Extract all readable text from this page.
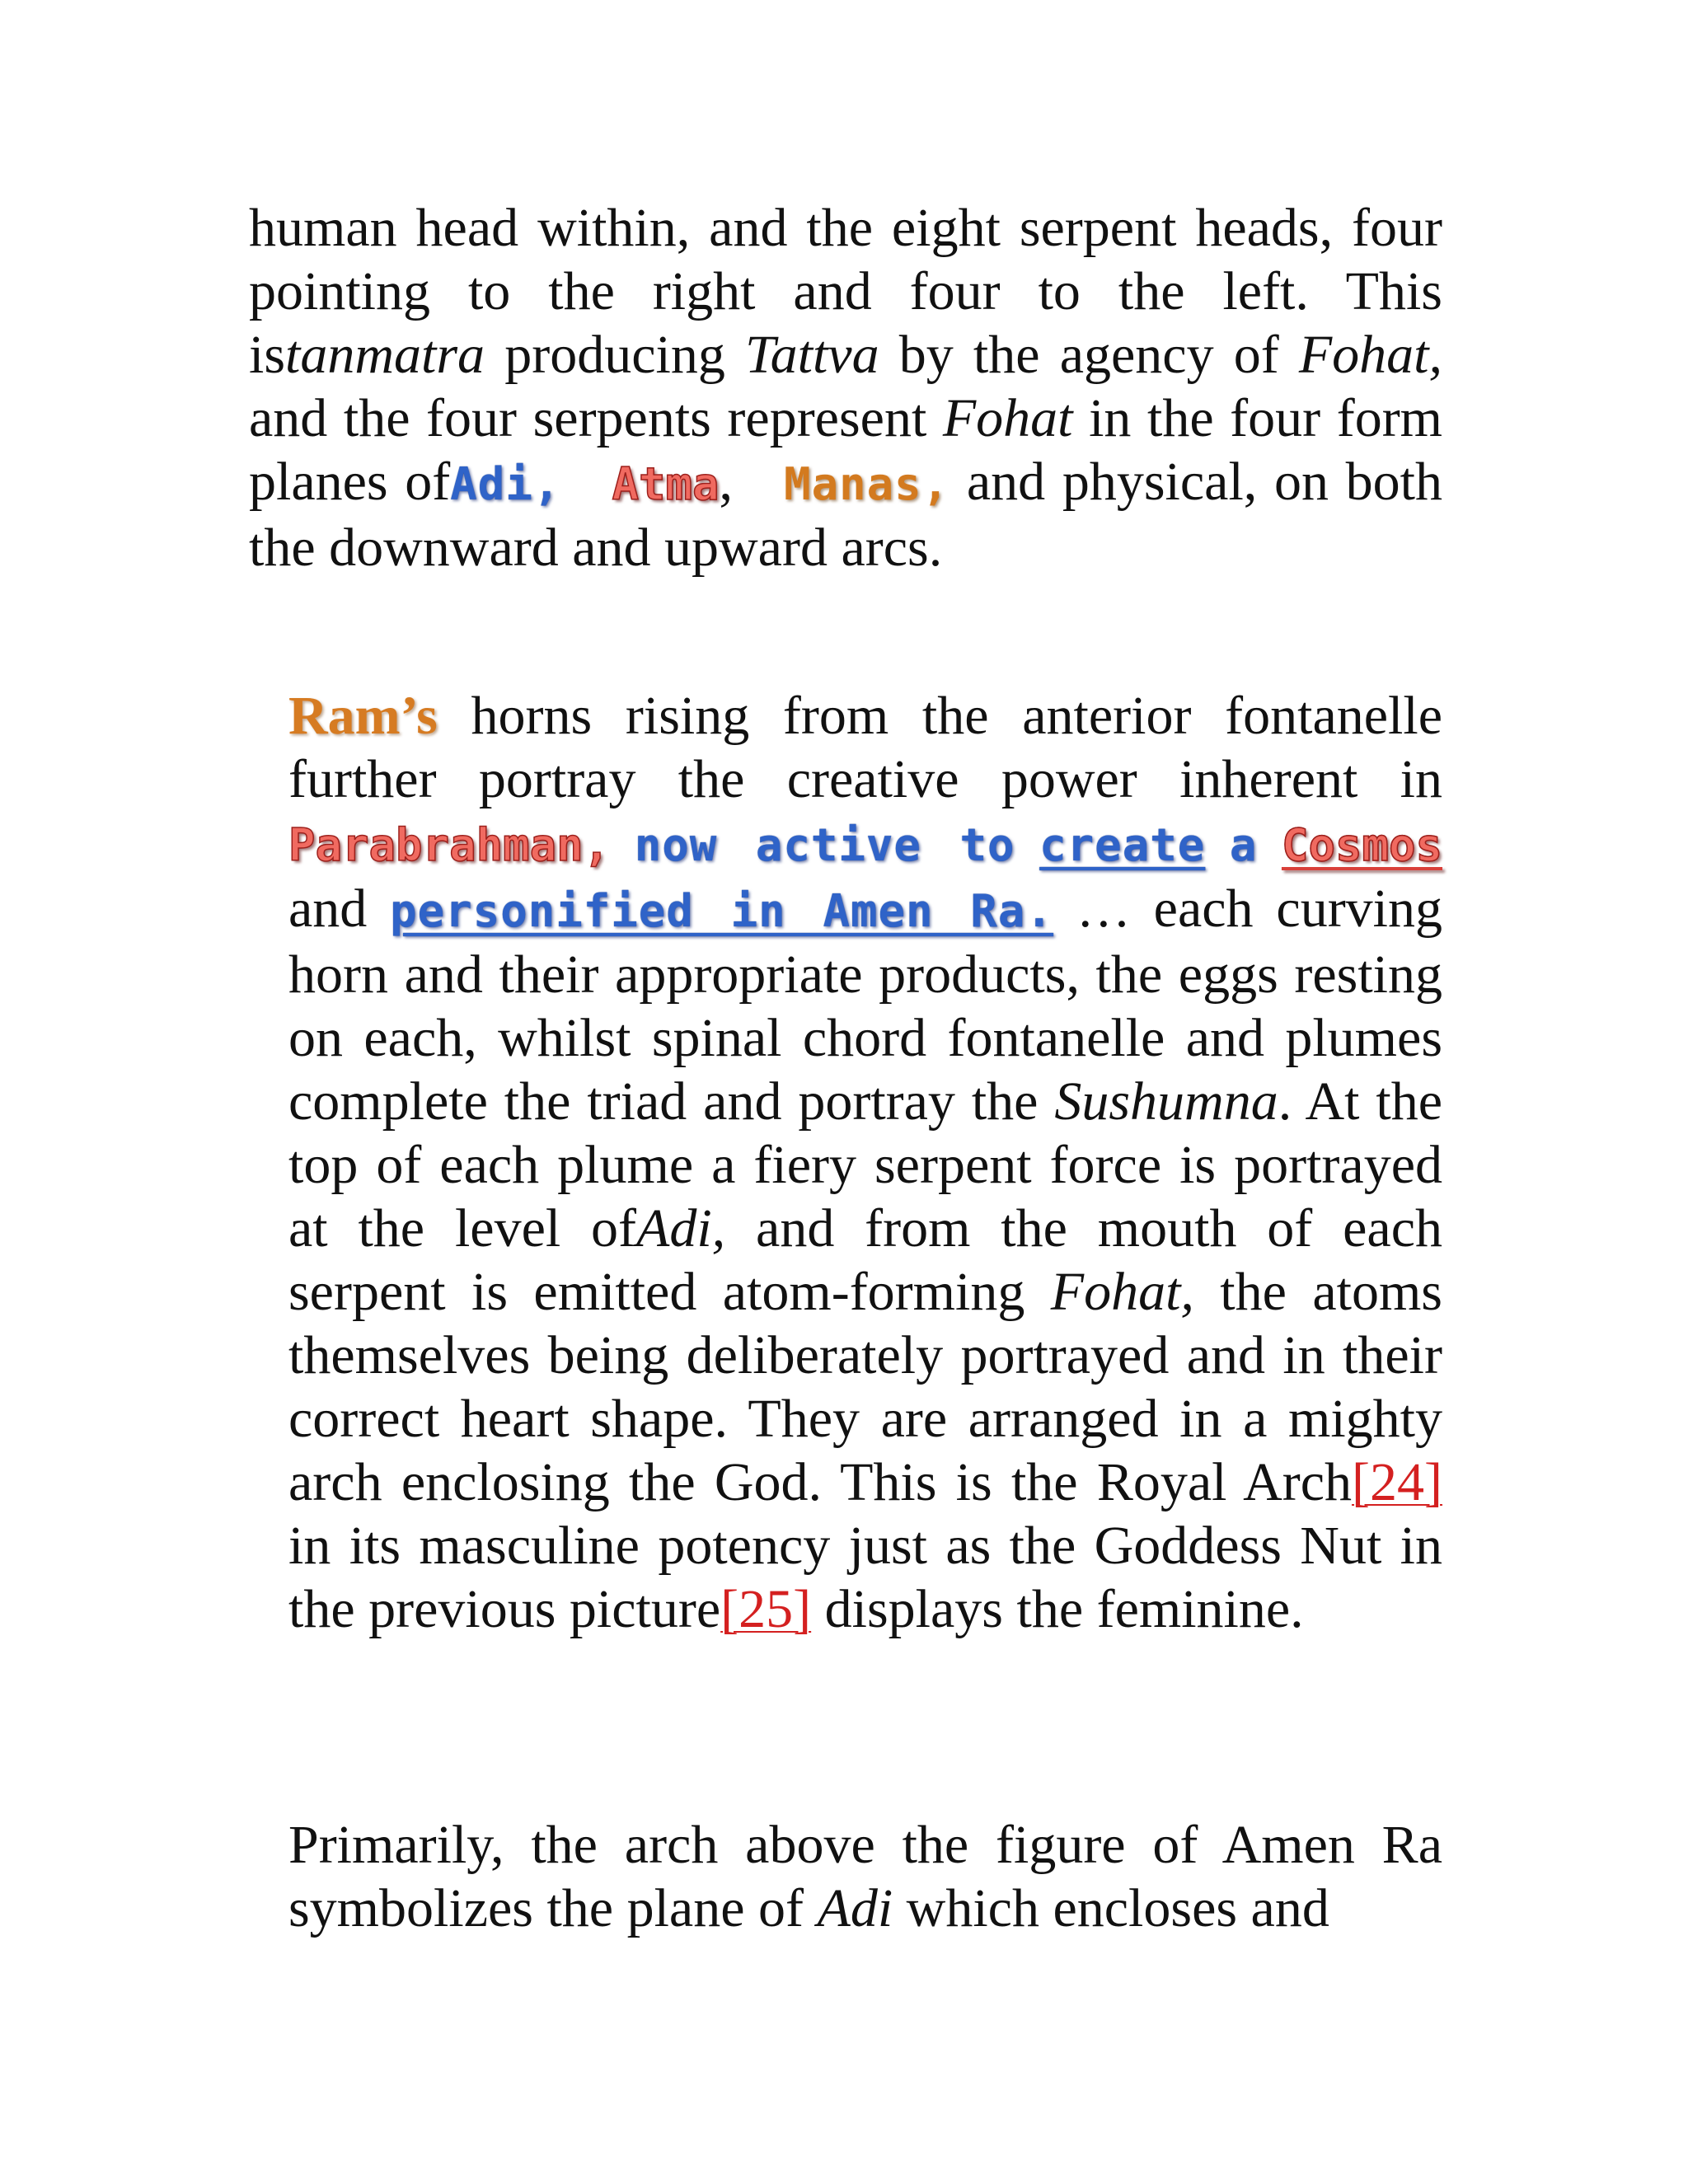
human head within, and the eight serpent heads, four pointing to the right and four to the left. This istanmatra producing Tattva by the agency of Fohat, and the four serpents represent Fohat in the four form planes ofAdi, Atma, Manas, and physical, on both the downward and upward arcs.

Ram’s horns rising from the anterior fontanelle further portray the creative power inherent in Parabrahman, now active to create a Cosmos and personified in Amen Ra. … each curving horn and their appropriate products, the eggs resting on each, whilst spinal chord fontanelle and plumes complete the triad and portray the Sushumna. At the top of each plume a fiery serpent force is portrayed at the level ofAdi, and from the mouth of each serpent is emitted atom-forming Fohat, the atoms themselves being deliberately portrayed and in their correct heart shape. They are arranged in a mighty arch enclosing the God. This is the Royal Arch[24] in its masculine potency just as the Goddess Nut in the previous picture[25] displays the feminine.

Primarily, the arch above the figure of Amen Ra symbolizes the plane of Adi which encloses and
